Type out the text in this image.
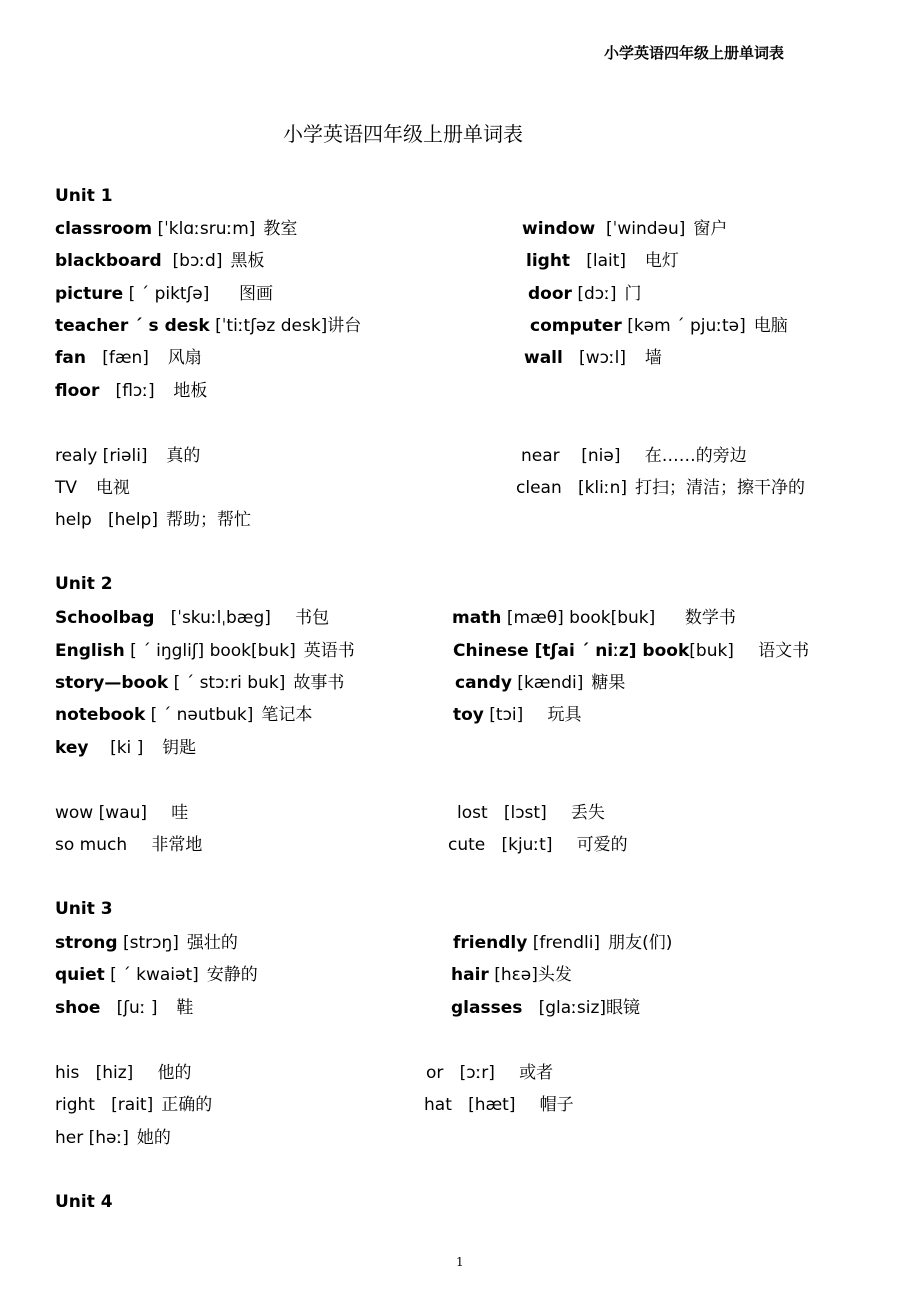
小学英语四年级上册单词表
小学英语四年级上册单词表
Unit 1
classroom [ˈklɑːsruːm] 教室	window  [ˈwindəu] 窗户
blackboard  [bɔːd] 黑板	light   [lait]  电灯
picture [ ˊ piktʃə]    图画	door [dɔː] 门
teacher ˊ s desk [ˈtiːtʃəz desk]讲台	computer [kəm ˊ pjuːtə] 电脑
fan   [fæn]  风扇	wall   [wɔːl]  墙
floor   [flɔː]  地板
realy [riəli]  真的	near    [niə]   在……的旁边
TV  电视	clean   [kliːn] 打扫；清洁；擦干净的
help   [help] 帮助；帮忙
Unit 2
Schoolbag   [ˈskuːlˌbæg]   书包	math [mæθ] book[buk]    数学书
English [ ˊ iŋgliʃ] book[buk] 英语书	Chinese [tʃai ˊ niːz] book[buk]   语文书
story—book [ ˊ stɔːri buk] 故事书	candy [kændi] 糖果
notebook [ ˊ nəutbuk] 笔记本	toy [tɔi]   玩具
key    [ki ]  钥匙
wow [wau]   哇	lost   [lɔst]   丢失
so much   非常地	cute   [kjuːt]   可爱的
Unit 3
strong [strɔŋ] 强壮的	friendly [frendli] 朋友(们)
quiet [ ˊ kwaiət] 安静的	hair [hɛə]头发
shoe   [ʃuː ]  鞋	glasses   [glaːsiz]眼镜
his   [hiz]   他的	or   [ɔːr]   或者
right   [rait] 正确的	hat   [hæt]   帽子
her [həː] 她的
Unit 4
1
